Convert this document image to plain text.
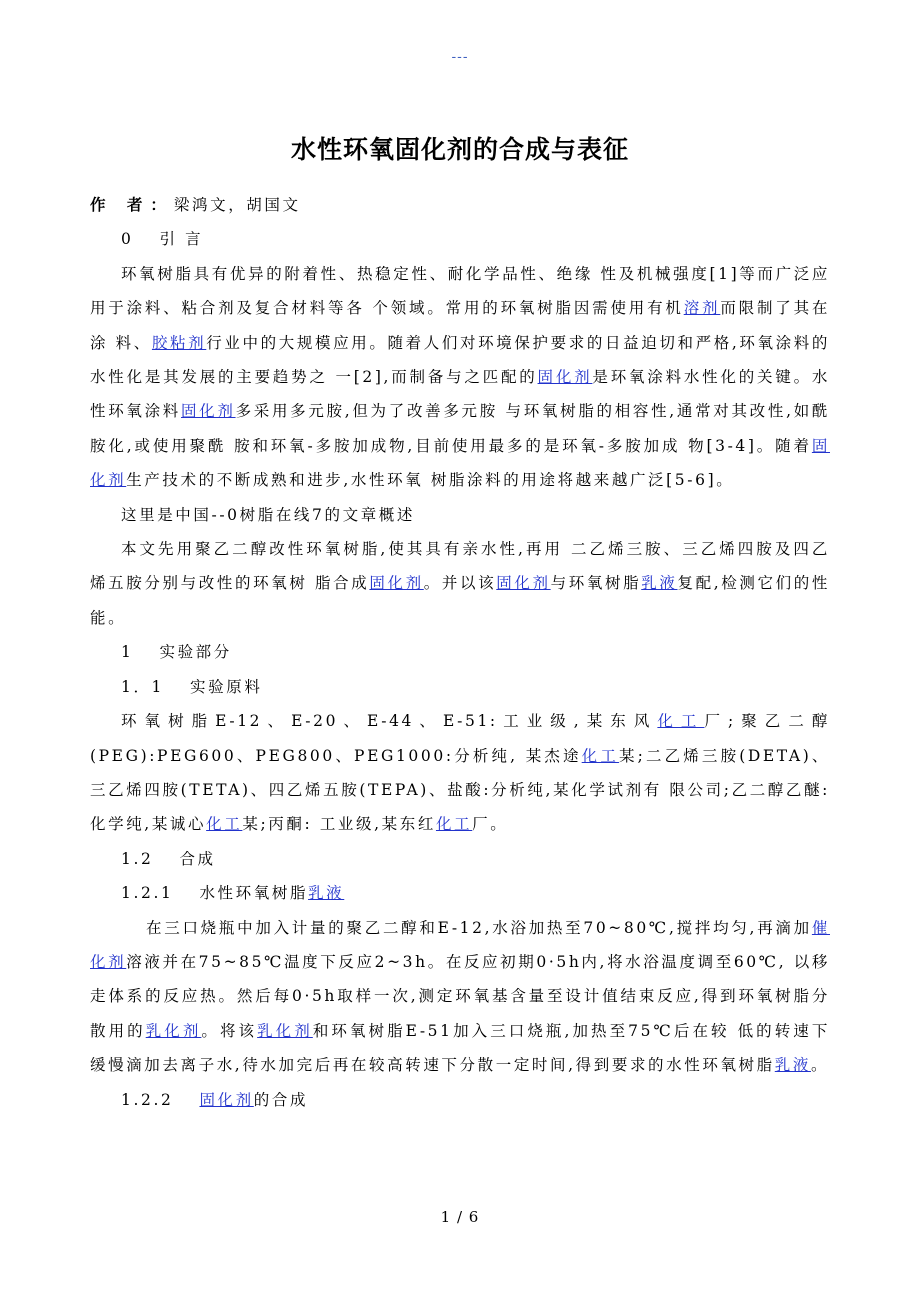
---
水性环氧固化剂的合成与表征

作 者：梁鸿文，胡国文

0 引 言

环氧树脂具有优异的附着性、热稳定性、耐化学品性、绝缘 性及机械强度[1]等而广泛应用于涂料、粘合剂及复合材料等各 个领域。常用的环氧树脂因需使用有机溶剂而限制了其在涂 料、胶粘剂行业中的大规模应用。随着人们对环境保护要求的日益迫切和严格,环氧涂料的水性化是其发展的主要趋势之 一[2],而制备与之匹配的固化剂是环氧涂料水性化的关键。水性环氧涂料固化剂多采用多元胺,但为了改善多元胺 与环氧树脂的相容性,通常对其改性,如酰胺化,或使用聚酰 胺和环氧-多胺加成物,目前使用最多的是环氧-多胺加成 物[3-4]。随着固化剂生产技术的不断成熟和进步,水性环氧 树脂涂料的用途将越来越广泛[5-6]。

这里是中国--0树脂在线7的文章概述

本文先用聚乙二醇改性环氧树脂,使其具有亲水性,再用 二乙烯三胺、三乙烯四胺及四乙烯五胺分别与改性的环氧树 脂合成固化剂。并以该固化剂与环氧树脂乳液复配,检测它们的性能。

1 实验部分

1．1 实验原料

环氧树脂E-12、E-20、E-44、E-51:工业级,某东风化工厂;聚乙二醇(PEG):PEG600、PEG800、PEG1000:分析纯, 某杰途化工某;二乙烯三胺(DETA)、三乙烯四胺(TETA)、四乙烯五胺(TEPA)、盐酸:分析纯,某化学试剂有 限公司;乙二醇乙醚:化学纯,某诚心化工某;丙酮: 工业级,某东红化工厂。

1.2 合成

1.2.1 水性环氧树脂乳液

在三口烧瓶中加入计量的聚乙二醇和E-12,水浴加热至70~80℃,搅拌均匀,再滴加催化剂溶液并在75~85℃温度下反应2~3h。在反应初期0·5h内,将水浴温度调至60℃, 以移走体系的反应热。然后每0·5h取样一次,测定环氧基含量至设计值结束反应,得到环氧树脂分散用的乳化剂。将该乳化剂和环氧树脂E-51加入三口烧瓶,加热至75℃后在较 低的转速下缓慢滴加去离子水,待水加完后再在较高转速下分散一定时间,得到要求的水性环氧树脂乳液。

1.2.2 固化剂的合成

1 / 6
